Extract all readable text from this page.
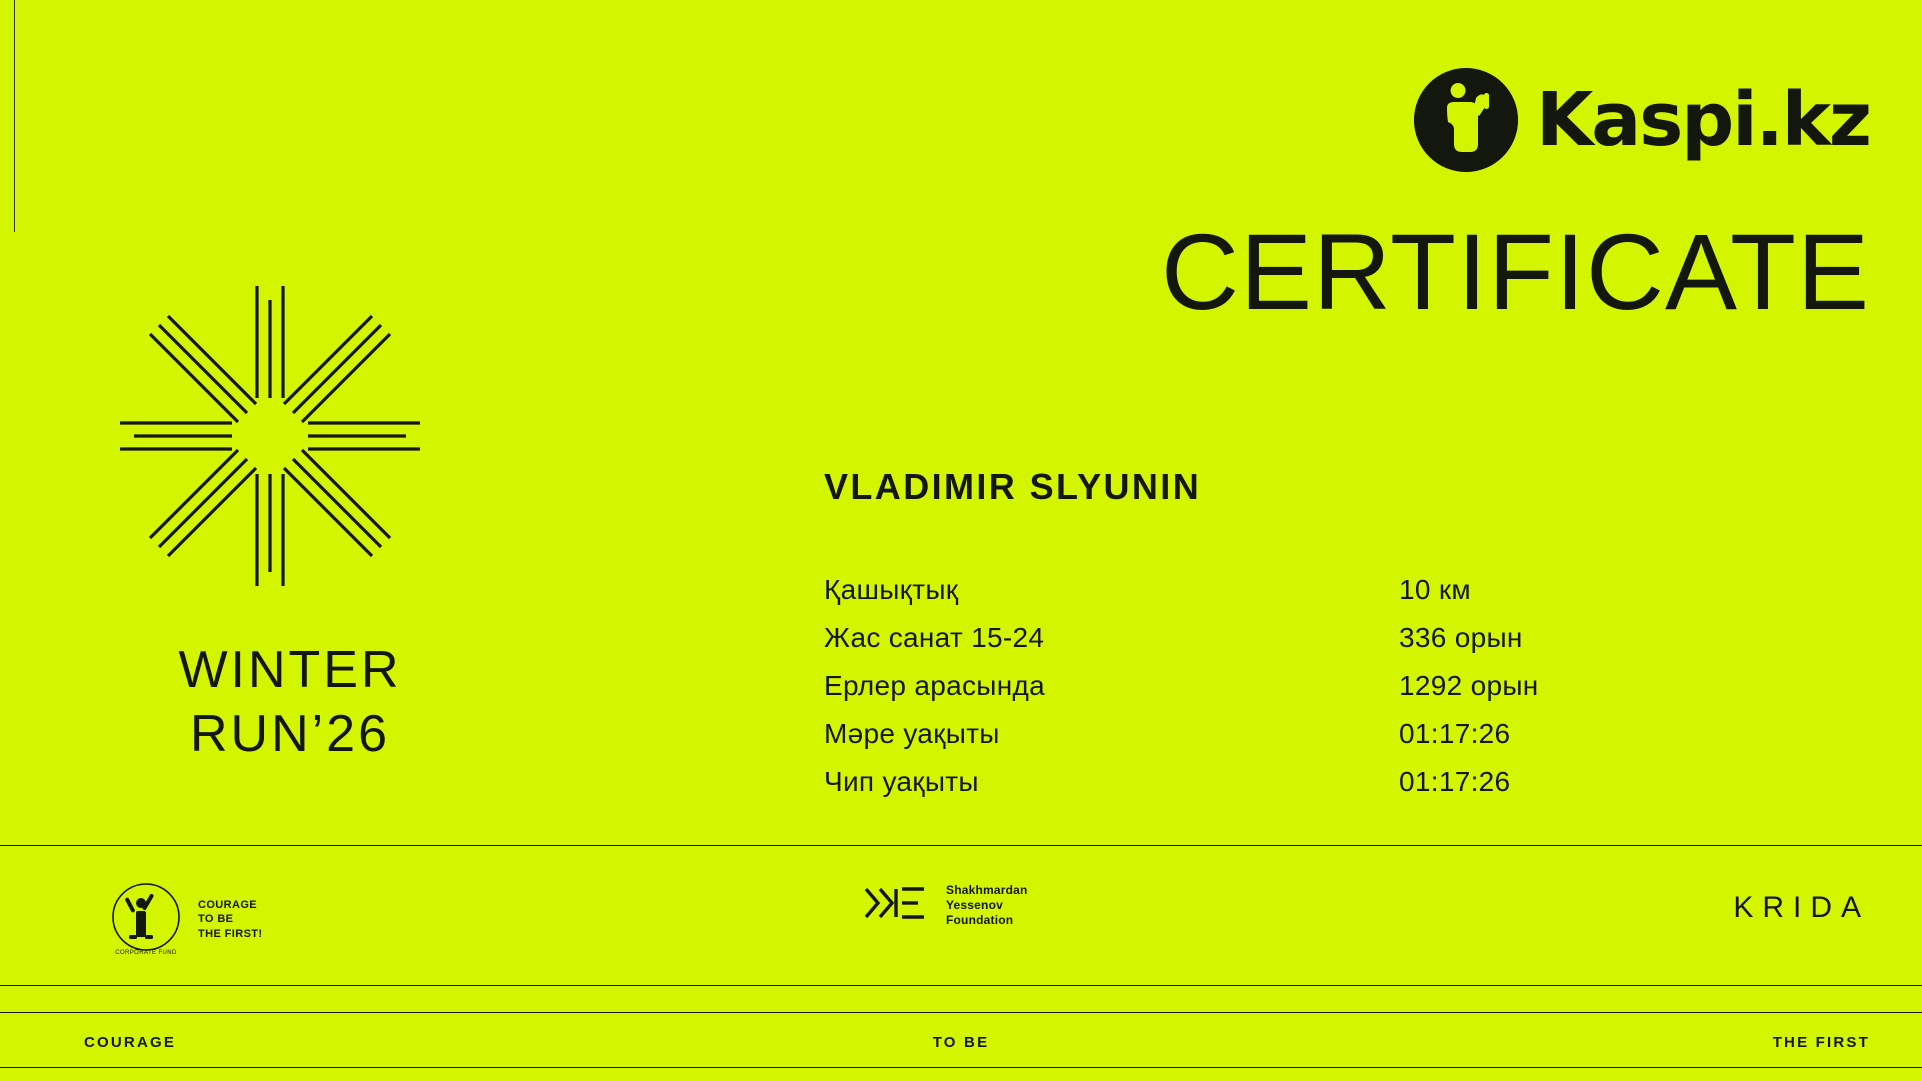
Kaspi.kz
CERTIFICATE
VLADIMIR SLYUNIN
Қашықтық	10 км
Жас санат 15-24	336 орын
Ерлер арасында	1292 орын
Мәре уақыты	01:17:26
Чип уақыты	01:17:26
WINTER
RUN’26
CORPORATE FUND
COURAGE
TO BE
THE FIRST!
Shakhmardan
Yessenov
Foundation	KRIDA
COURAGE	TO BE	THE FIRST
